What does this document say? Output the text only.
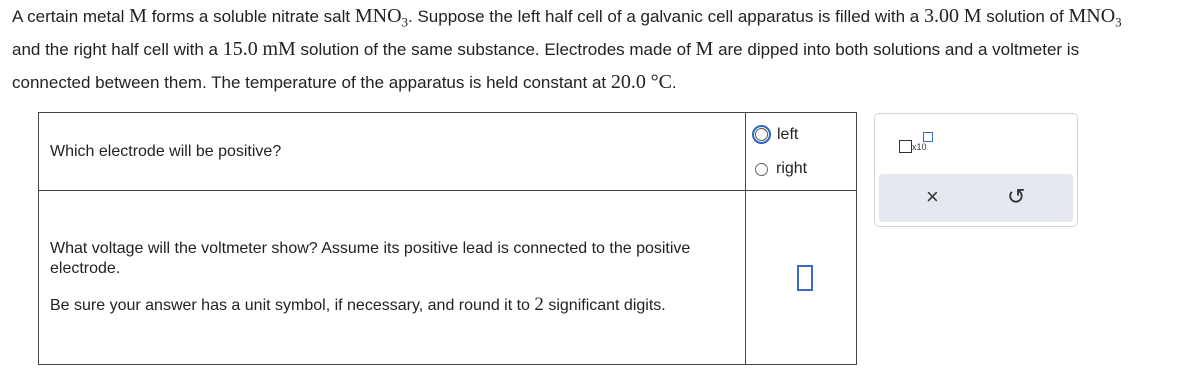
A certain metal M forms a soluble nitrate salt $MNO_3$. Suppose the left half cell of a galvanic cell apparatus is filled with a 3.00 M solution of $MNO_3$
and the right half cell with a 15.0 mM solution of the same substance. Electrodes made of M are dipped into both solutions and a voltmeter is
connected between them. The temperature of the apparatus is held constant at 20.0 °C.
Which electrode will be positive?	left
right

What voltage will the voltmeter show? Assume its positive lead is connected to the positive electrode.

Be sure your answer has a unit symbol, if necessary, and round it to 2 significant digits.	

x10
×	↺
